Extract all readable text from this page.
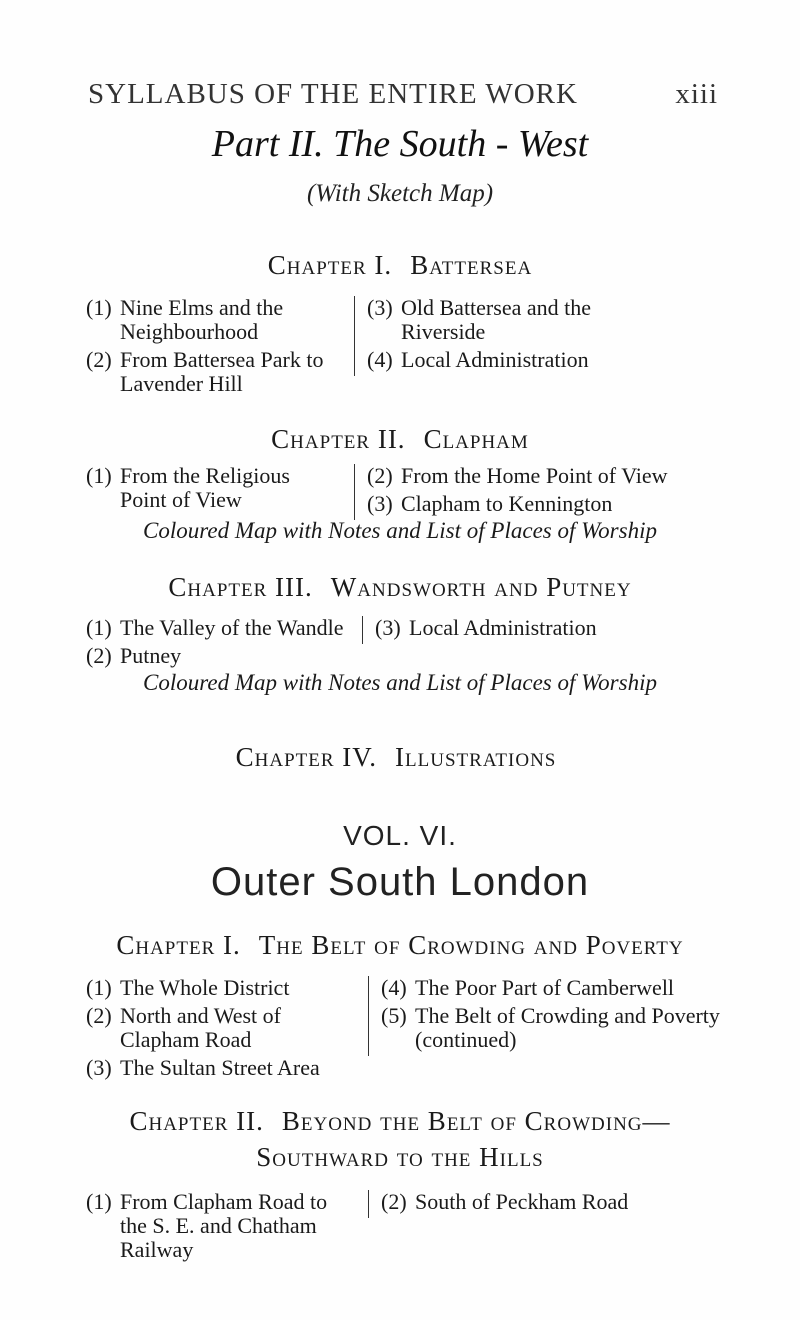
SYLLABUS OF THE ENTIRE WORK	xiii
Part II. The South - West
(With Sketch Map)
Chapter I. Battersea
(1) Nine Elms and the Neighbourhood
(2) From Battersea Park to Lavender Hill
(3) Old Battersea and the Riverside
(4) Local Administration
Chapter II. Clapham
(1) From the Religious Point of View
(2) From the Home Point of View
(3) Clapham to Kennington
Coloured Map with Notes and List of Places of Worship
Chapter III. Wandsworth and Putney
(1) The Valley of the Wandle
(2) Putney
(3) Local Administration
Coloured Map with Notes and List of Places of Worship
Chapter IV. Illustrations
VOL. VI.
Outer South London
Chapter I. The Belt of Crowding and Poverty
(1) The Whole District
(2) North and West of Clapham Road
(3) The Sultan Street Area
(4) The Poor Part of Camberwell
(5) The Belt of Crowding and Poverty (continued)
Chapter II. Beyond the Belt of Crowding—
Southward to the Hills
(1) From Clapham Road to the S. E. and Chatham Railway
(2) South of Peckham Road
